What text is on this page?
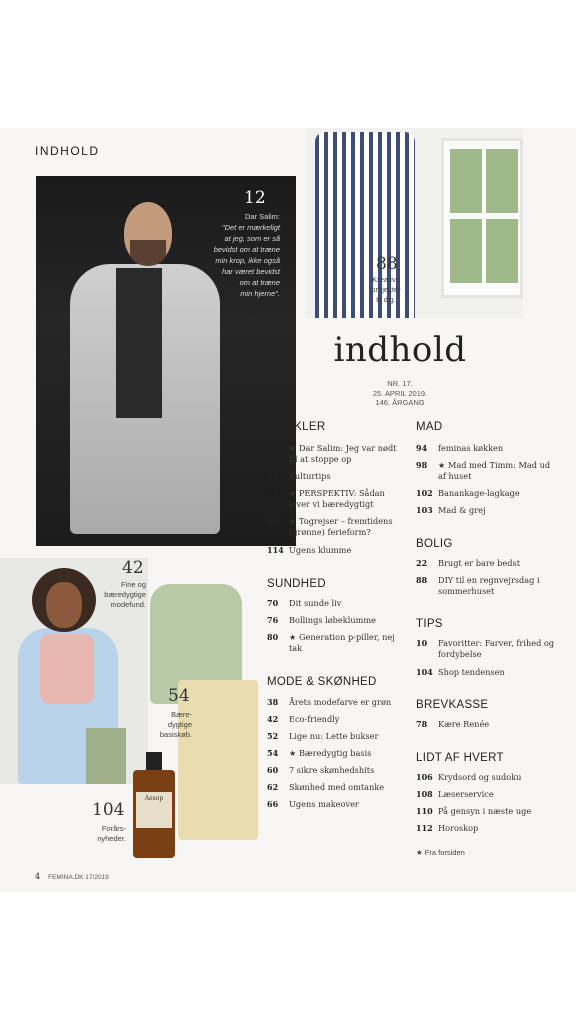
INDHOLD
12
Dar Salim:
"Det er mærkeligt
at jeg, som er så
bevidst om at træne
min krop, ikke også
har været bevidst
om at træne
min hjerne".
88
Kreative
projekter
til dig.
indhold
NR. 17.
25. APRIL 2019.
146. ÅRGANG
ARTIKLER
12	★ Dar Salim: Jeg var nødt til at stoppe op
18	Kulturtips
31	★ PERSPEKTIV: Sådan lever vi bæredygtigt
84	★ Togrejser – fremtidens (grønne) ferieform?
114 Ugens klumme
SUNDHED
70	Dit sunde liv
76	Bollings løbeklumme
80	★ Generation p-piller, nej tak
MODE & SKØNHED
38	Årets modefarve er grøn
42	Eco-friendly
52	Lige nu: Lette bukser
54	★ Bæredygtig basis
60	7 sikre skønhedshits
62	Skønhed med omtanke
66	Ugens makeover
MAD
94	feminas køkken
98	★ Mad med Timm: Mad ud af huset
102 Banankage-lagkage
103 Mad & grej
BOLIG
22	Brugt er bare bedst
88	DIY til en regnvejrsdag i sommerhuset
TIPS
10	Favoritter: Farver, frihed og fordybelse
104 Shop tendensen
BREVKASSE
78	Kære Renée
LIDT AF HVERT
106 Krydsord og sudoku
108 Læserservice
110 På gensyn i næste uge
112 Horoskop
★ Fra forsiden
42
Fine og
bæredygtige
modefund.
54
Bære-
dygtige
basiskøb.
Aesop
104
Forårs-
nyheder.
4 FEMINA.DK 17/2019
